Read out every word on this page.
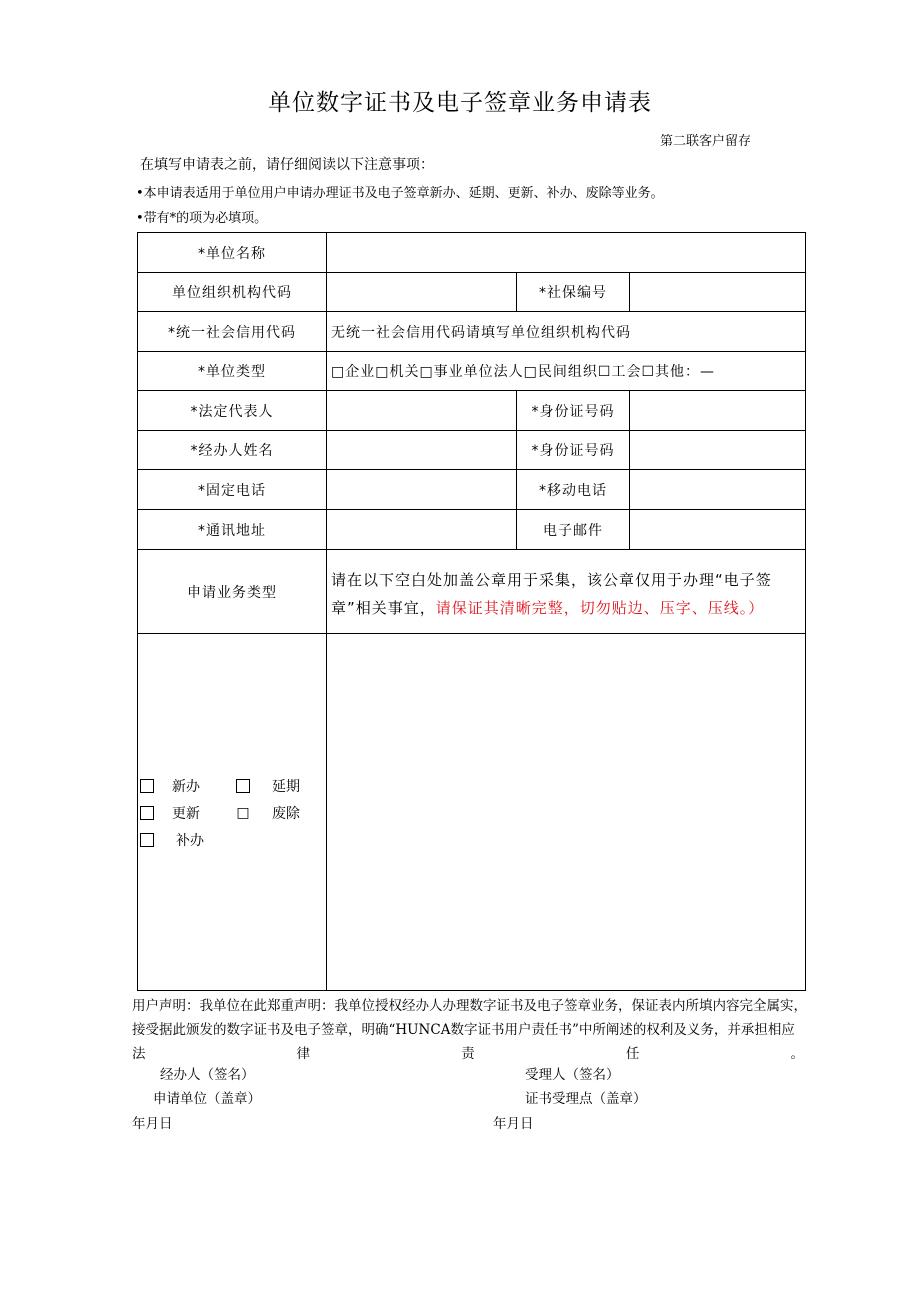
单位数字证书及电子签章业务申请表
第二联客户留存
在填写申请表之前，请仔细阅读以下注意事项：
•本申请表适用于单位用户申请办理证书及电子签章新办、延期、更新、补办、废除等业务。
•带有*的项为必填项。
*单位名称			
单位组织机构代码		*社保编号	
*统一社会信用代码	无统一社会信用代码请填写单位组织机构代码		
*单位类型	□企业□机关□事业单位法人□民间组织☐工会☐其他：—		
*法定代表人		*身份证号码	
*经办人姓名		*身份证号码	
*固定电话		*移动电话	
*通讯地址		电子邮件	
申请业务类型	请在以下空白处加盖公章用于采集，该公章仅用于办理“电子签章”相关事宜，请保证其清晰完整，切勿贴边、压字、压线。）		

新办	延期
更新	□ 废除
补办
用户声明：我单位在此郑重声明：我单位授权经办人办理数字证书及电子签章业务，保证表内所填内容完全属实，
接受据此颁发的数字证书及电子签章，明确“HUNCA数字证书用户责任书”中所阐述的权利及义务，并承担相应
法	律	责	任	。
经办人（签名）
申请单位（盖章）
年月日
受理人（签名）
证书受理点（盖章）
年月日
